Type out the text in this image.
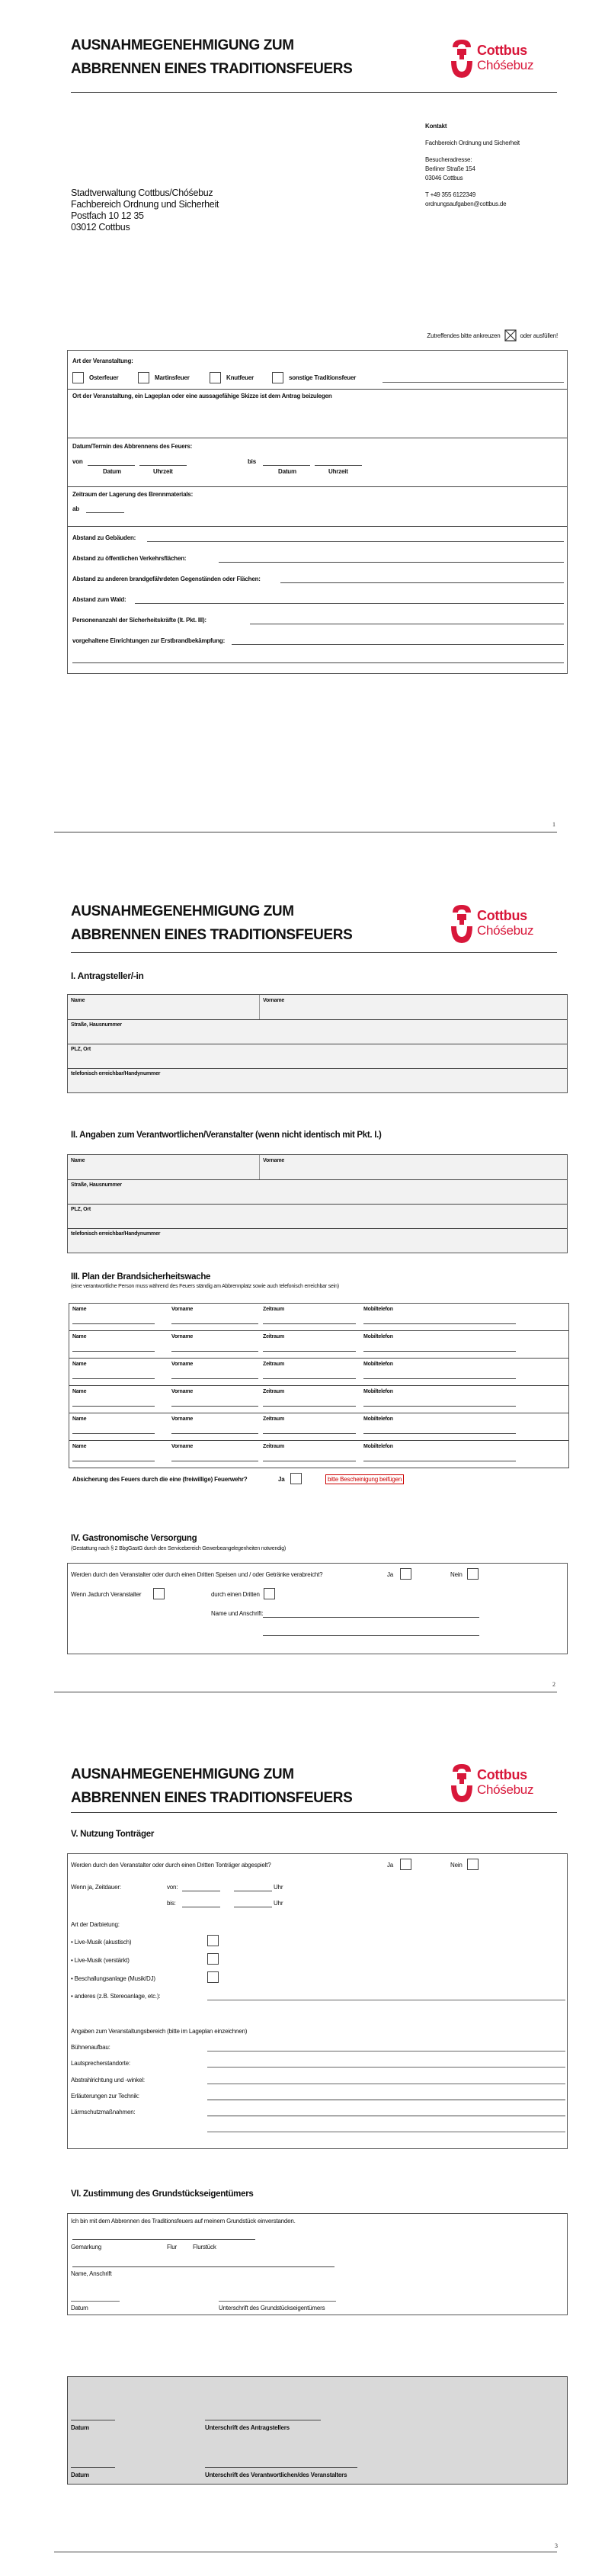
AUSNAHMEGENEHMIGUNG ZUM
ABBRENNEN EINES TRADITIONSFEUERS
Cottbus
Chóśebuz
Kontakt
Fachbereich Ordnung und Sicherheit
Besucheradresse:
Berliner Straße 154
03046 Cottbus
T +49 355 6122349
ordnungsaufgaben@cottbus.de
Stadtverwaltung Cottbus/Chóśebuz
Fachbereich Ordnung und Sicherheit
Postfach 10 12 35
03012 Cottbus
Zutreffendes bitte ankreuzen	oder ausfüllen!
Art der Veranstaltung:
Osterfeuer	Martinsfeuer	Knutfeuer	sonstige Traditionsfeuer
Ort der Veranstaltung, ein Lageplan oder eine aussagefähige Skizze ist dem Antrag beizulegen
Datum/Termin des Abbrennens des Feuers:
von
Datum	Uhrzeit
bis
Datum	Uhrzeit
Zeitraum der Lagerung des Brennmaterials:
ab
Abstand zu Gebäuden:
Abstand zu öffentlichen Verkehrsflächen:
Abstand zu anderen brandgefährdeten Gegenständen oder Flächen:
Abstand zum Wald:
Personenanzahl der Sicherheitskräfte (lt. Pkt. III):
vorgehaltene Einrichtungen zur Erstbrandbekämpfung:
1
AUSNAHMEGENEHMIGUNG ZUM
ABBRENNEN EINES TRADITIONSFEUERS
Cottbus
Chóśebuz
I. Antragsteller/-in
Name	Vorname
Straße, Hausnummer
PLZ, Ort
telefonisch erreichbar/Handynummer
II. Angaben zum Verantwortlichen/Veranstalter (wenn nicht identisch mit Pkt. I.)
Name	Vorname
Straße, Hausnummer
PLZ, Ort
telefonisch erreichbar/Handynummer
III. Plan der Brandsicherheitswache
(eine verantwortliche Person muss während des Feuers ständig am Abbrennplatz sowie auch telefonisch erreichbar sein)
Name	Vorname	Zeitraum	Mobiltelefon
Name	Vorname	Zeitraum	Mobiltelefon
Name	Vorname	Zeitraum	Mobiltelefon
Name	Vorname	Zeitraum	Mobiltelefon
Name	Vorname	Zeitraum	Mobiltelefon
Name	Vorname	Zeitraum	Mobiltelefon
Absicherung des Feuers durch die eine (freiwillige) Feuerwehr?	Ja	bitte Bescheinigung beifügen
2
IV. Gastronomische Versorgung
(Gestattung nach § 2 BbgGastG durch den Servicebereich Gewerbeangelegenheiten notwendig)
Werden durch den Veranstalter oder durch einen Dritten Speisen und / oder Getränke verabreicht?	Ja	Nein
Wenn Ja:
durch Veranstalter	durch einen Dritten
Name und Anschrift:
AUSNAHMEGENEHMIGUNG ZUM
ABBRENNEN EINES TRADITIONSFEUERS
Cottbus
Chóśebuz
V. Nutzung Tonträger
Werden durch den Veranstalter oder durch einen Dritten Tonträger abgespielt?	Ja	Nein
Wenn ja, Zeitdauer:	von:	Uhr
bis:	Uhr
Art der Darbietung:
• Live-Musik (akustisch)
• Live-Musik (verstärkt)
• Beschallungsanlage (Musik/DJ)
• anderes (z.B. Stereoanlage, etc.):
Angaben zum Veranstaltungsbereich (bitte im Lageplan einzeichnen)
Bühnenaufbau:
Lautsprecherstandorte:
Abstrahlrichtung und -winkel:
Erläuterungen zur Technik:
Lärmschutzmaßnahmen:
VI. Zustimmung des Grundstückseigentümers
Ich bin mit dem Abbrennen des Traditionsfeuers auf meinem Grundstück einverstanden.
Gemarkung	Flur	Flurstück
Name, Anschrift
Datum	Unterschrift des Grundstückseigentümers
Datum	Unterschrift des Antragstellers
Datum	Unterschrift des Verantwortlichen/des Veranstalters
3
